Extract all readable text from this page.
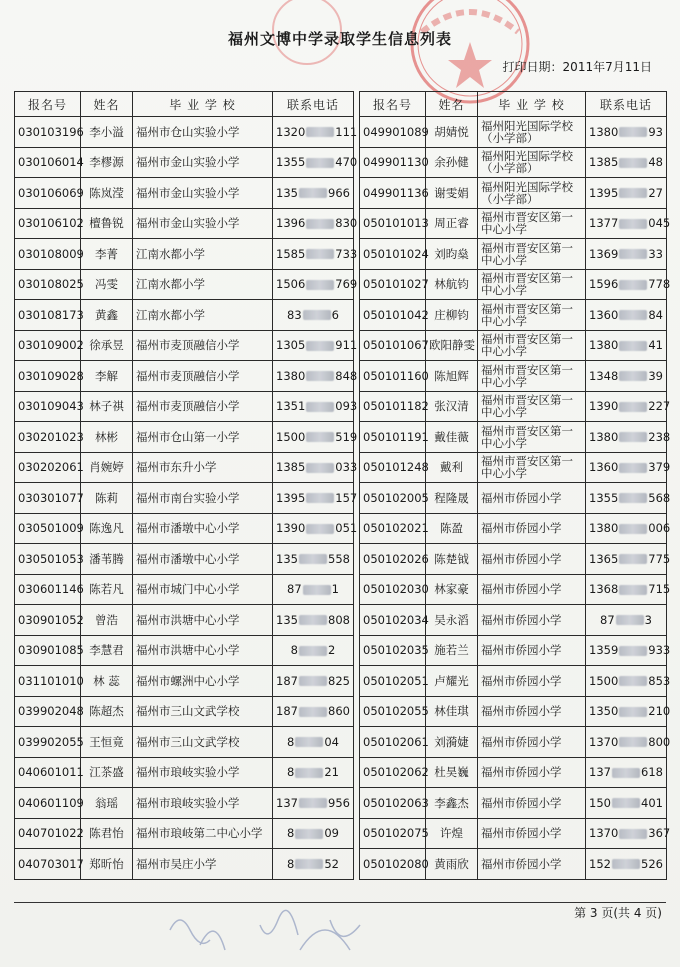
福州文博中学录取学生信息列表
打印日期：2011年7月11日
报名号	姓名	毕 业 学 校	联系电话		报名号	姓名	毕 业 学 校	联系电话
030103196	李小溢	福州市仓山实验小学	1320 111		049901089	胡婧悦	福州阳光国际学校（小学部）	1380 93
030106014	李樛源	福州市金山实验小学	1355 470		049901130	余孙健	福州阳光国际学校（小学部）	1385 48
030106069	陈岚滢	福州市金山实验小学	135 966		049901136	谢雯娟	福州阳光国际学校（小学部）	1395 27
030106102	檀鲁锐	福州市金山实验小学	1396 830		050101013	周正睿	福州市晋安区第一中心小学	1377 045
030108009	李菁	江南水都小学	1585 733		050101024	刘昀燊	福州市晋安区第一中心小学	1369 33
030108025	冯雯	江南水都小学	1506 769		050101027	林航钧	福州市晋安区第一中心小学	1596 778
030108173	黄鑫	江南水都小学	83 6		050101042	庄柳钧	福州市晋安区第一中心小学	1360 84
030109002	徐承昱	福州市麦顶融信小学	1305 911		050101067	欧阳静雯	福州市晋安区第一中心小学	1380 41
030109028	李解	福州市麦顶融信小学	1380 848		050101160	陈旭辉	福州市晋安区第一中心小学	1348 39
030109043	林子祺	福州市麦顶融信小学	1351 093		050101182	张汉清	福州市晋安区第一中心小学	1390 227
030201023	林彬	福州市仓山第一小学	1500 519		050101191	戴佳薇	福州市晋安区第一中心小学	1380 238
030202061	肖婉婷	福州市东升小学	1385 033		050101248	戴利	福州市晋安区第一中心小学	1360 379
030301077	陈莉	福州市南台实验小学	1395 157		050102005	程隆晟	福州市侨园小学	1355 568
030501009	陈逸凡	福州市潘墩中心小学	1390 051		050102021	陈盈	福州市侨园小学	1380 006
030501053	潘苇腾	福州市潘墩中心小学	135 558		050102026	陈楚钺	福州市侨园小学	1365 775
030601146	陈若凡	福州市城门中心小学	87 1		050102030	林家豪	福州市侨园小学	1368 715
030901052	曾浩	福州市洪塘中心小学	135 808		050102034	吴永滔	福州市侨园小学	87 3
030901085	李慧君	福州市洪塘中心小学	8 2		050102035	施若兰	福州市侨园小学	1359 933
031101010	林 蕊	福州市螺洲中心小学	187 825		050102051	卢耀光	福州市侨园小学	1500 853
039902048	陈超杰	福州市三山文武学校	187 860		050102055	林佳琪	福州市侨园小学	1350 210
039902055	王恒竟	福州市三山文武学校	8 04		050102061	刘漪婕	福州市侨园小学	1370 800
040601011	江茶盛	福州市琅岐实验小学	8 21		050102062	杜昊巍	福州市侨园小学	137 618
040601109	翁瑶	福州市琅岐实验小学	137 956		050102063	李鑫杰	福州市侨园小学	150 401
040701022	陈君怡	福州市琅岐第二中心小学	8 09		050102075	许煌	福州市侨园小学	1370 367
040703017	郑昕怡	福州市吴庄小学	8 52		050102080	黄雨欣	福州市侨园小学	152 526
第 3 页(共 4 页)
